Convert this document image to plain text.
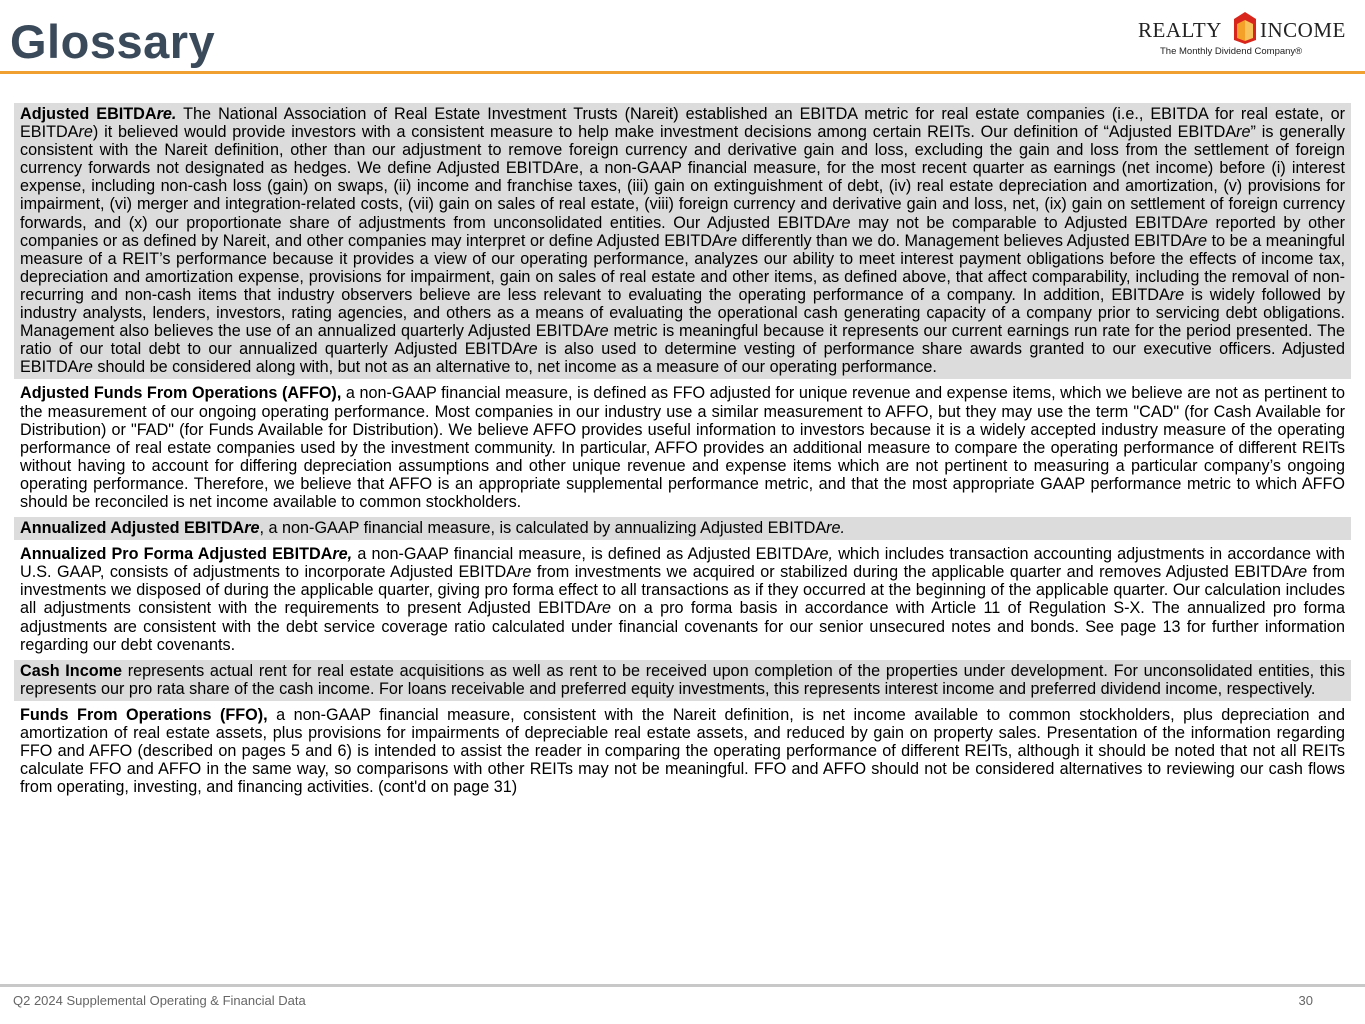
Glossary	REALTY INCOME
The Monthly Dividend Company®
Adjusted EBITDAre. The National Association of Real Estate Investment Trusts (Nareit) established an EBITDA metric for real estate companies (i.e., EBITDA for real estate, or EBITDAre) it believed would provide investors with a consistent measure to help make investment decisions among certain REITs. Our definition of “Adjusted EBITDAre” is generally consistent with the Nareit definition, other than our adjustment to remove foreign currency and derivative gain and loss, excluding the gain and loss from the settlement of foreign currency forwards not designated as hedges. We define Adjusted EBITDAre, a non-GAAP financial measure, for the most recent quarter as earnings (net income) before (i) interest expense, including non-cash loss (gain) on swaps, (ii) income and franchise taxes, (iii) gain on extinguishment of debt, (iv) real estate depreciation and amortization, (v) provisions for impairment, (vi) merger and integration-related costs, (vii) gain on sales of real estate, (viii) foreign currency and derivative gain and loss, net, (ix) gain on settlement of foreign currency forwards, and (x) our proportionate share of adjustments from unconsolidated entities. Our Adjusted EBITDAre may not be comparable to Adjusted EBITDAre reported by other companies or as defined by Nareit, and other companies may interpret or define Adjusted EBITDAre differently than we do. Management believes Adjusted EBITDAre to be a meaningful measure of a REIT’s performance because it provides a view of our operating performance, analyzes our ability to meet interest payment obligations before the effects of income tax, depreciation and amortization expense, provisions for impairment, gain on sales of real estate and other items, as defined above, that affect comparability, including the removal of non-recurring and non-cash items that industry observers believe are less relevant to evaluating the operating performance of a company. In addition, EBITDAre is widely followed by industry analysts, lenders, investors, rating agencies, and others as a means of evaluating the operational cash generating capacity of a company prior to servicing debt obligations. Management also believes the use of an annualized quarterly Adjusted EBITDAre metric is meaningful because it represents our current earnings run rate for the period presented. The ratio of our total debt to our annualized quarterly Adjusted EBITDAre is also used to determine vesting of performance share awards granted to our executive officers. Adjusted EBITDAre should be considered along with, but not as an alternative to, net income as a measure of our operating performance.
Adjusted Funds From Operations (AFFO), a non-GAAP financial measure, is defined as FFO adjusted for unique revenue and expense items, which we believe are not as pertinent to the measurement of our ongoing operating performance. Most companies in our industry use a similar measurement to AFFO, but they may use the term "CAD" (for Cash Available for Distribution) or "FAD" (for Funds Available for Distribution). We believe AFFO provides useful information to investors because it is a widely accepted industry measure of the operating performance of real estate companies used by the investment community. In particular, AFFO provides an additional measure to compare the operating performance of different REITs without having to account for differing depreciation assumptions and other unique revenue and expense items which are not pertinent to measuring a particular company’s ongoing operating performance. Therefore, we believe that AFFO is an appropriate supplemental performance metric, and that the most appropriate GAAP performance metric to which AFFO should be reconciled is net income available to common stockholders.
Annualized Adjusted EBITDAre, a non-GAAP financial measure, is calculated by annualizing Adjusted EBITDAre.
Annualized Pro Forma Adjusted EBITDAre, a non-GAAP financial measure, is defined as Adjusted EBITDAre, which includes transaction accounting adjustments in accordance with U.S. GAAP, consists of adjustments to incorporate Adjusted EBITDAre from investments we acquired or stabilized during the applicable quarter and removes Adjusted EBITDAre from investments we disposed of during the applicable quarter, giving pro forma effect to all transactions as if they occurred at the beginning of the applicable quarter. Our calculation includes all adjustments consistent with the requirements to present Adjusted EBITDAre on a pro forma basis in accordance with Article 11 of Regulation S-X. The annualized pro forma adjustments are consistent with the debt service coverage ratio calculated under financial covenants for our senior unsecured notes and bonds. See page 13 for further information regarding our debt covenants.
Cash Income represents actual rent for real estate acquisitions as well as rent to be received upon completion of the properties under development. For unconsolidated entities, this represents our pro rata share of the cash income. For loans receivable and preferred equity investments, this represents interest income and preferred dividend income, respectively.
Funds From Operations (FFO), a non-GAAP financial measure, consistent with the Nareit definition, is net income available to common stockholders, plus depreciation and amortization of real estate assets, plus provisions for impairments of depreciable real estate assets, and reduced by gain on property sales. Presentation of the information regarding FFO and AFFO (described on pages 5 and 6) is intended to assist the reader in comparing the operating performance of different REITs, although it should be noted that not all REITs calculate FFO and AFFO in the same way, so comparisons with other REITs may not be meaningful. FFO and AFFO should not be considered alternatives to reviewing our cash flows from operating, investing, and financing activities. (cont'd on page 31)
Q2 2024 Supplemental Operating & Financial Data	30
